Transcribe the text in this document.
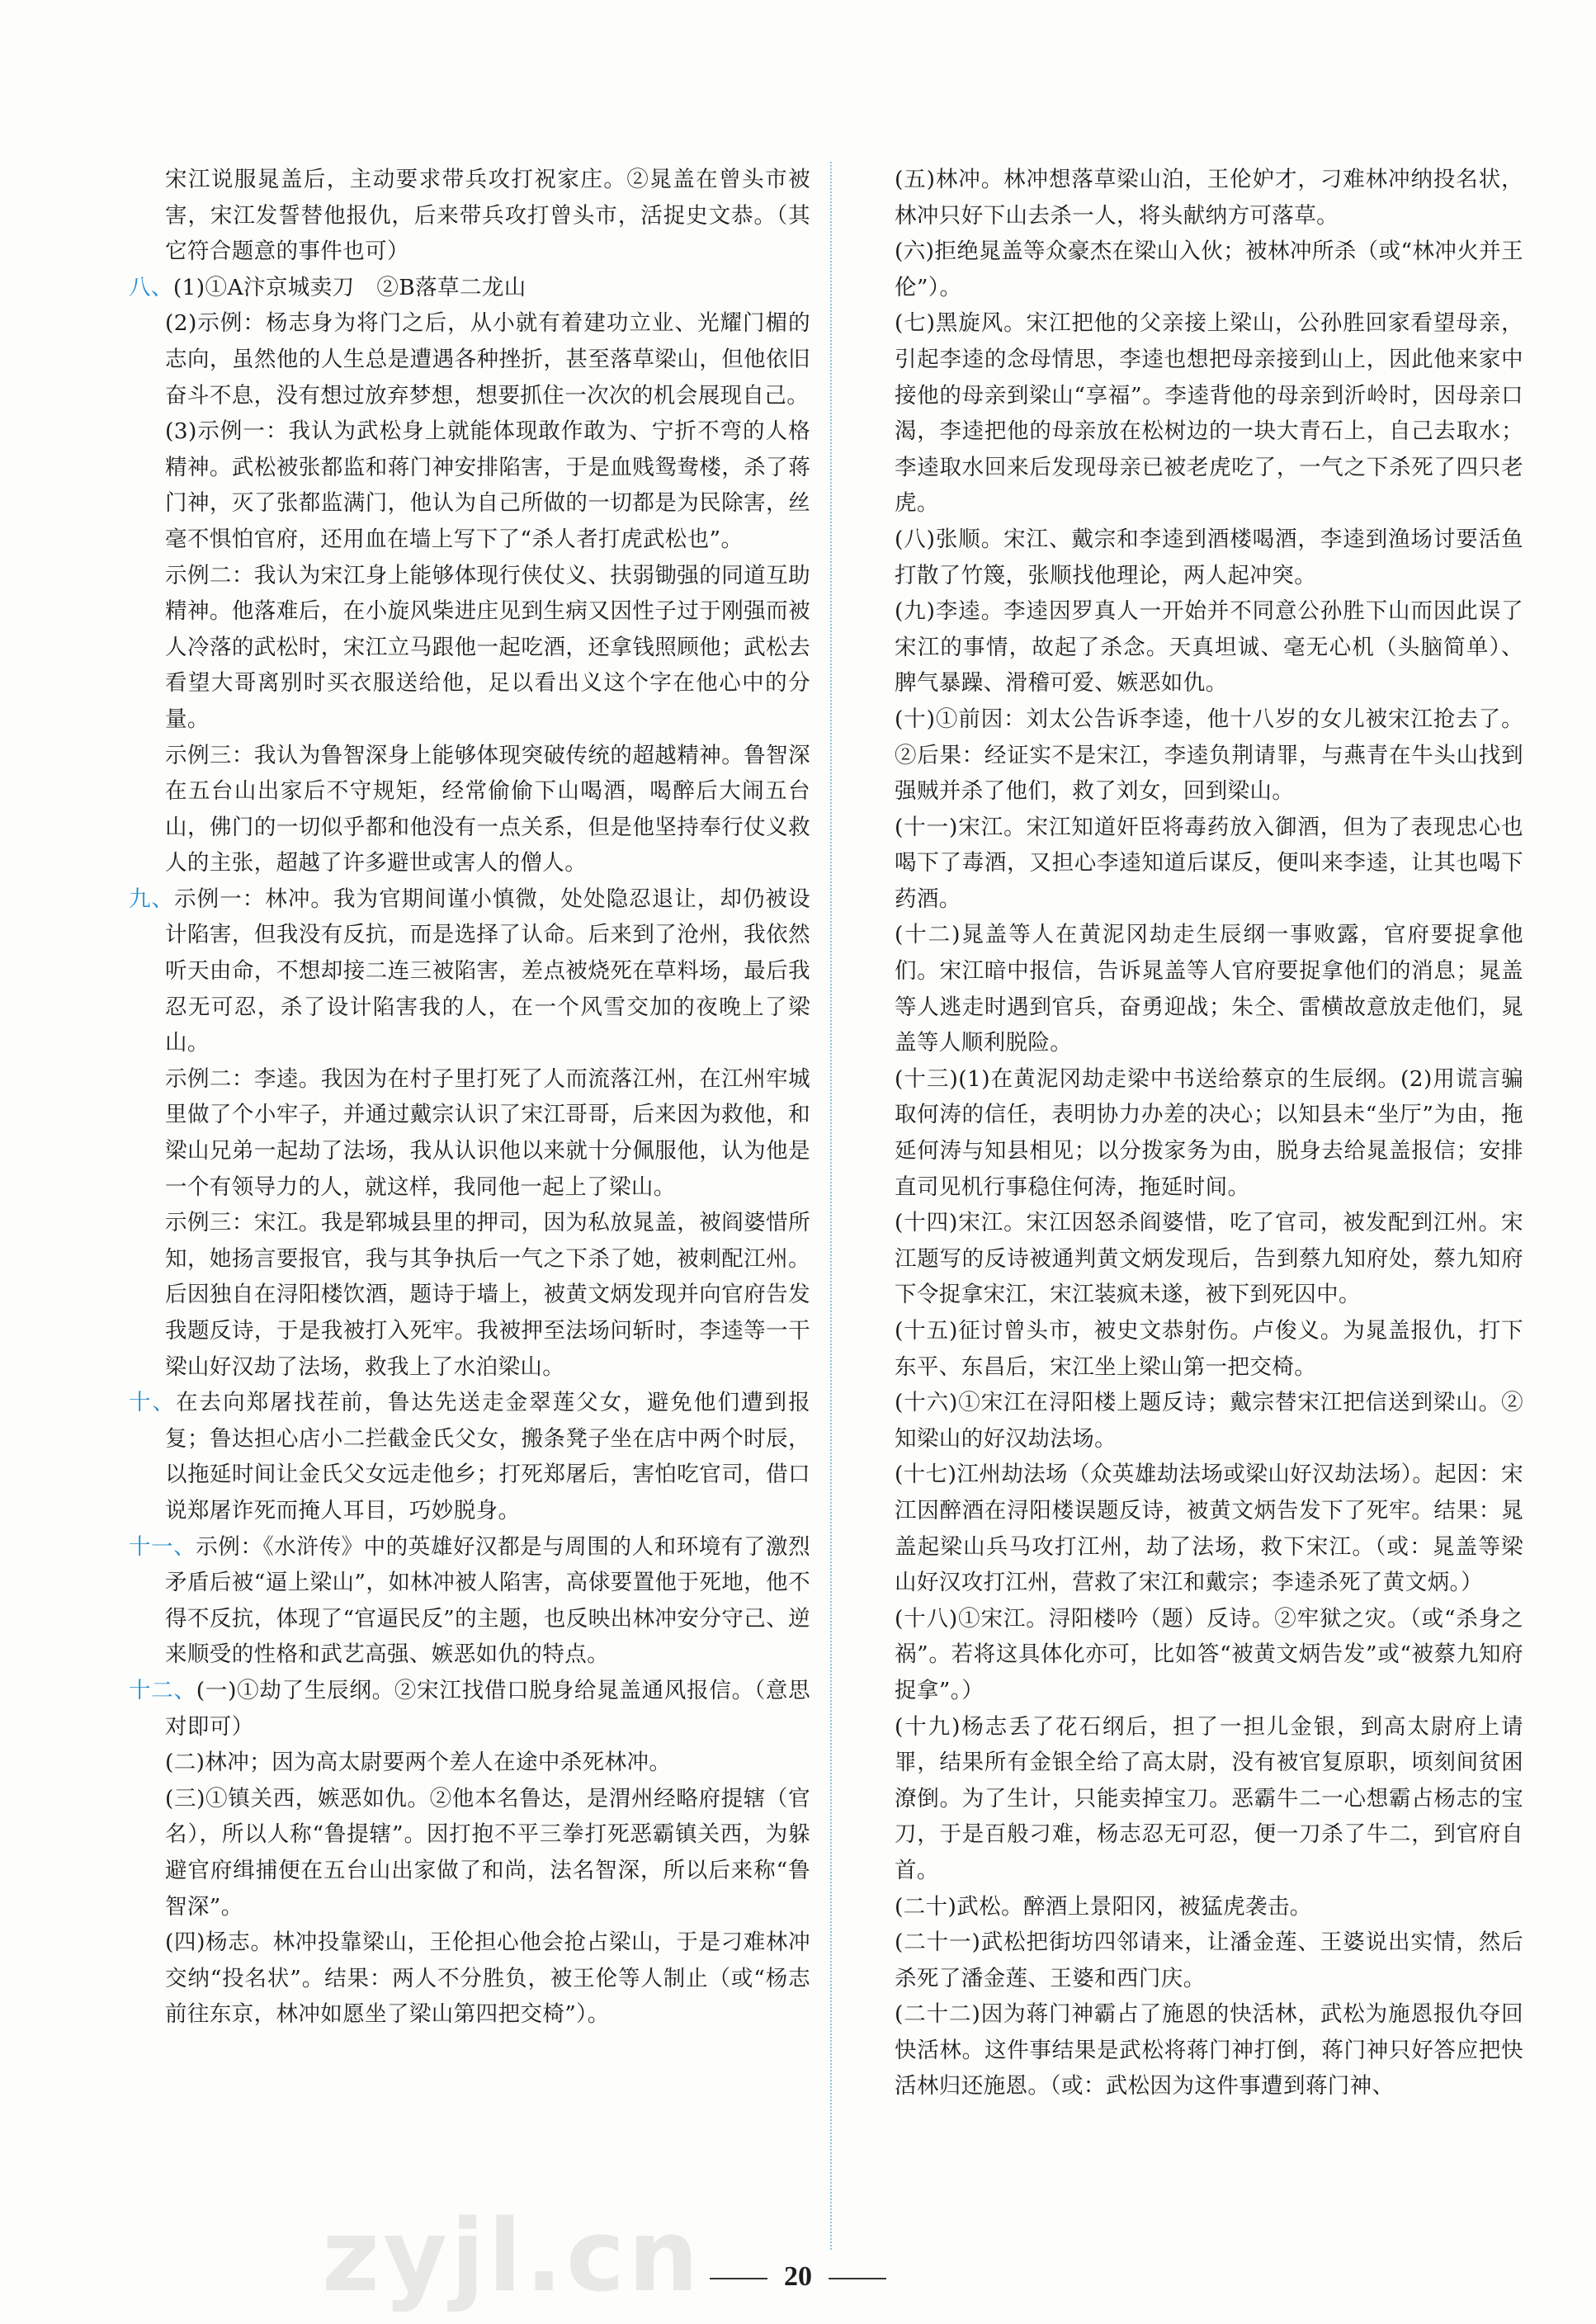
宋江说服晁盖后，主动要求带兵攻打祝家庄。②晁盖在曾头市被害，宋江发誓替他报仇，后来带兵攻打曾头市，活捉史文恭。（其它符合题意的事件也可）

八、(1)①A汴京城卖刀　②B落草二龙山

(2)示例：杨志身为将门之后，从小就有着建功立业、光耀门楣的志向，虽然他的人生总是遭遇各种挫折，甚至落草梁山，但他依旧奋斗不息，没有想过放弃梦想，想要抓住一次次的机会展现自己。

(3)示例一：我认为武松身上就能体现敢作敢为、宁折不弯的人格精神。武松被张都监和蒋门神安排陷害，于是血贱鸳鸯楼，杀了蒋门神，灭了张都监满门，他认为自己所做的一切都是为民除害，丝毫不惧怕官府，还用血在墙上写下了“杀人者打虎武松也”。

示例二：我认为宋江身上能够体现行侠仗义、扶弱锄强的同道互助精神。他落难后，在小旋风柴进庄见到生病又因性子过于刚强而被人冷落的武松时，宋江立马跟他一起吃酒，还拿钱照顾他；武松去看望大哥离别时买衣服送给他，足以看出义这个字在他心中的分量。

示例三：我认为鲁智深身上能够体现突破传统的超越精神。鲁智深在五台山出家后不守规矩，经常偷偷下山喝酒，喝醉后大闹五台山，佛门的一切似乎都和他没有一点关系，但是他坚持奉行仗义救人的主张，超越了许多避世或害人的僧人。

九、示例一：林冲。我为官期间谨小慎微，处处隐忍退让，却仍被设计陷害，但我没有反抗，而是选择了认命。后来到了沧州，我依然听天由命，不想却接二连三被陷害，差点被烧死在草料场，最后我忍无可忍，杀了设计陷害我的人，在一个风雪交加的夜晚上了梁山。

示例二：李逵。我因为在村子里打死了人而流落江州，在江州牢城里做了个小牢子，并通过戴宗认识了宋江哥哥，后来因为救他，和梁山兄弟一起劫了法场，我从认识他以来就十分佩服他，认为他是一个有领导力的人，就这样，我同他一起上了梁山。

示例三：宋江。我是郓城县里的押司，因为私放晁盖，被阎婆惜所知，她扬言要报官，我与其争执后一气之下杀了她，被刺配江州。后因独自在浔阳楼饮酒，题诗于墙上，被黄文炳发现并向官府告发我题反诗，于是我被打入死牢。我被押至法场问斩时，李逵等一干梁山好汉劫了法场，救我上了水泊梁山。

十、在去向郑屠找茬前，鲁达先送走金翠莲父女，避免他们遭到报复；鲁达担心店小二拦截金氏父女，搬条凳子坐在店中两个时辰，以拖延时间让金氏父女远走他乡；打死郑屠后，害怕吃官司，借口说郑屠诈死而掩人耳目，巧妙脱身。

十一、示例：《水浒传》中的英雄好汉都是与周围的人和环境有了激烈矛盾后被“逼上梁山”，如林冲被人陷害，高俅要置他于死地，他不得不反抗，体现了“官逼民反”的主题，也反映出林冲安分守己、逆来顺受的性格和武艺高强、嫉恶如仇的特点。

十二、(一)①劫了生辰纲。②宋江找借口脱身给晁盖通风报信。（意思对即可）

(二)林冲；因为高太尉要两个差人在途中杀死林冲。

(三)①镇关西，嫉恶如仇。②他本名鲁达，是渭州经略府提辖（官名），所以人称“鲁提辖”。因打抱不平三拳打死恶霸镇关西，为躲避官府缉捕便在五台山出家做了和尚，法名智深，所以后来称“鲁智深”。

(四)杨志。林冲投靠梁山，王伦担心他会抢占梁山，于是刁难林冲交纳“投名状”。结果：两人不分胜负，被王伦等人制止（或“杨志前往东京，林冲如愿坐了梁山第四把交椅”）。

(五)林冲。林冲想落草梁山泊，王伦妒才，刁难林冲纳投名状，林冲只好下山去杀一人，将头献纳方可落草。

(六)拒绝晁盖等众豪杰在梁山入伙；被林冲所杀（或“林冲火并王伦”）。

(七)黑旋风。宋江把他的父亲接上梁山，公孙胜回家看望母亲，引起李逵的念母情思，李逵也想把母亲接到山上，因此他来家中接他的母亲到梁山“享福”。李逵背他的母亲到沂岭时，因母亲口渴，李逵把他的母亲放在松树边的一块大青石上，自己去取水；李逵取水回来后发现母亲已被老虎吃了，一气之下杀死了四只老虎。

(八)张顺。宋江、戴宗和李逵到酒楼喝酒，李逵到渔场讨要活鱼打散了竹篾，张顺找他理论，两人起冲突。

(九)李逵。李逵因罗真人一开始并不同意公孙胜下山而因此误了宋江的事情，故起了杀念。天真坦诚、毫无心机（头脑简单）、脾气暴躁、滑稽可爱、嫉恶如仇。

(十)①前因：刘太公告诉李逵，他十八岁的女儿被宋江抢去了。②后果：经证实不是宋江，李逵负荆请罪，与燕青在牛头山找到强贼并杀了他们，救了刘女，回到梁山。

(十一)宋江。宋江知道奸臣将毒药放入御酒，但为了表现忠心也喝下了毒酒，又担心李逵知道后谋反，便叫来李逵，让其也喝下药酒。

(十二)晁盖等人在黄泥冈劫走生辰纲一事败露，官府要捉拿他们。宋江暗中报信，告诉晁盖等人官府要捉拿他们的消息；晁盖等人逃走时遇到官兵，奋勇迎战；朱仝、雷横故意放走他们，晁盖等人顺利脱险。

(十三)(1)在黄泥冈劫走梁中书送给蔡京的生辰纲。(2)用谎言骗取何涛的信任，表明协力办差的决心；以知县未“坐厅”为由，拖延何涛与知县相见；以分拨家务为由，脱身去给晁盖报信；安排直司见机行事稳住何涛，拖延时间。

(十四)宋江。宋江因怒杀阎婆惜，吃了官司，被发配到江州。宋江题写的反诗被通判黄文炳发现后，告到蔡九知府处，蔡九知府下令捉拿宋江，宋江装疯未遂，被下到死囚中。

(十五)征讨曾头市，被史文恭射伤。卢俊义。为晁盖报仇，打下东平、东昌后，宋江坐上梁山第一把交椅。

(十六)①宋江在浔阳楼上题反诗；戴宗替宋江把信送到梁山。②知梁山的好汉劫法场。

(十七)江州劫法场（众英雄劫法场或梁山好汉劫法场）。起因：宋江因醉酒在浔阳楼误题反诗，被黄文炳告发下了死牢。结果：晁盖起梁山兵马攻打江州，劫了法场，救下宋江。（或：晁盖等梁山好汉攻打江州，营救了宋江和戴宗；李逵杀死了黄文炳。）

(十八)①宋江。浔阳楼吟（题）反诗。②牢狱之灾。（或“杀身之祸”。若将这具体化亦可，比如答“被黄文炳告发”或“被蔡九知府捉拿”。）

(十九)杨志丢了花石纲后，担了一担儿金银，到高太尉府上请罪，结果所有金银全给了高太尉，没有被官复原职，顷刻间贫困潦倒。为了生计，只能卖掉宝刀。恶霸牛二一心想霸占杨志的宝刀，于是百般刁难，杨志忍无可忍，便一刀杀了牛二，到官府自首。

(二十)武松。醉酒上景阳冈，被猛虎袭击。

(二十一)武松把街坊四邻请来，让潘金莲、王婆说出实情，然后杀死了潘金莲、王婆和西门庆。

(二十二)因为蒋门神霸占了施恩的快活林，武松为施恩报仇夺回快活林。这件事结果是武松将蒋门神打倒，蒋门神只好答应把快活林归还施恩。（或：武松因为这件事遭到蒋门神、

20
zyjl.cn
